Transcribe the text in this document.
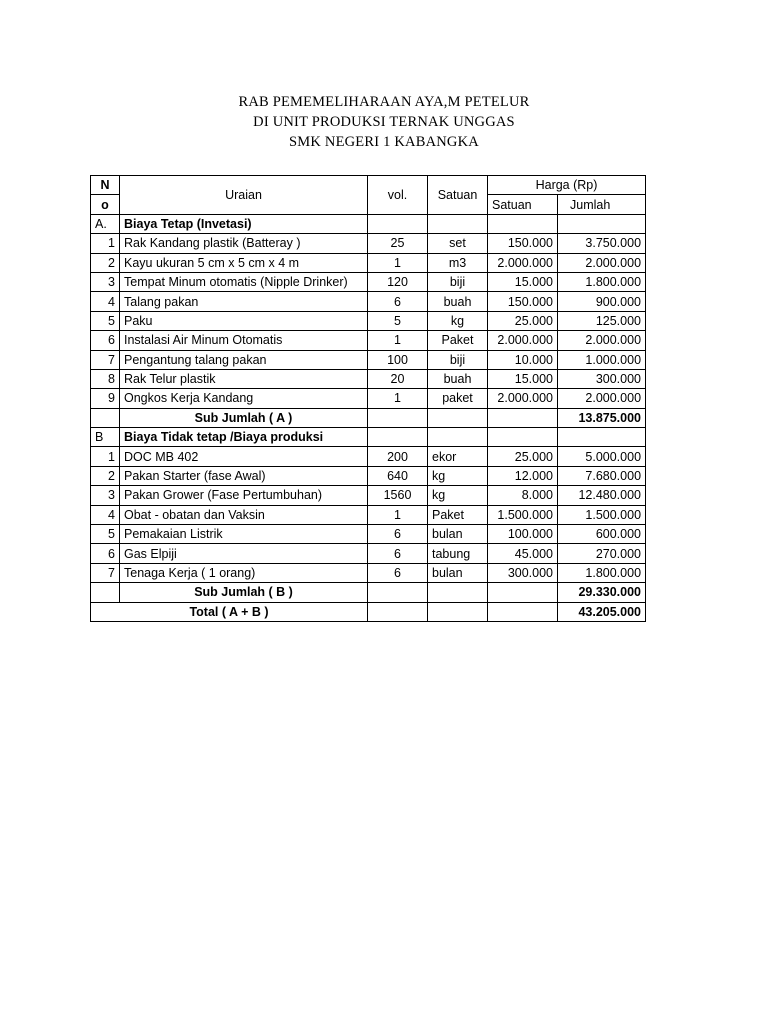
RAB PEMEMELIHARAAN AYA,M PETELUR
DI UNIT PRODUKSI TERNAK UNGGAS
SMK NEGERI 1 KABANGKA
N	Uraian	vol.	Satuan	Harga (Rp)	
o				Satuan	Jumlah
A.	Biaya Tetap (Invetasi)				
1	Rak Kandang plastik (Batteray )	25	set	150.000	3.750.000
2	Kayu ukuran 5 cm x 5 cm x 4 m	1	m3	2.000.000	2.000.000
3	Tempat Minum otomatis (Nipple Drinker)	120	biji	15.000	1.800.000
4	Talang pakan	6	buah	150.000	900.000
5	Paku	5	kg	25.000	125.000
6	Instalasi Air Minum Otomatis	1	Paket	2.000.000	2.000.000
7	Pengantung talang pakan	100	biji	10.000	1.000.000
8	Rak Telur plastik	20	buah	15.000	300.000
9	Ongkos Kerja Kandang	1	paket	2.000.000	2.000.000
	Sub Jumlah ( A )				13.875.000
B	Biaya Tidak tetap /Biaya produksi				
1	DOC MB 402	200	ekor	25.000	5.000.000
2	Pakan Starter (fase Awal)	640	kg	12.000	7.680.000
3	Pakan Grower (Fase Pertumbuhan)	1560	kg	8.000	12.480.000
4	Obat - obatan dan Vaksin	1	Paket	1.500.000	1.500.000
5	Pemakaian Listrik	6	bulan	100.000	600.000
6	Gas Elpiji	6	tabung	45.000	270.000
7	Tenaga Kerja ( 1 orang)	6	bulan	300.000	1.800.000
	Sub Jumlah ( B )				29.330.000
Total ( A + B )					43.205.000
